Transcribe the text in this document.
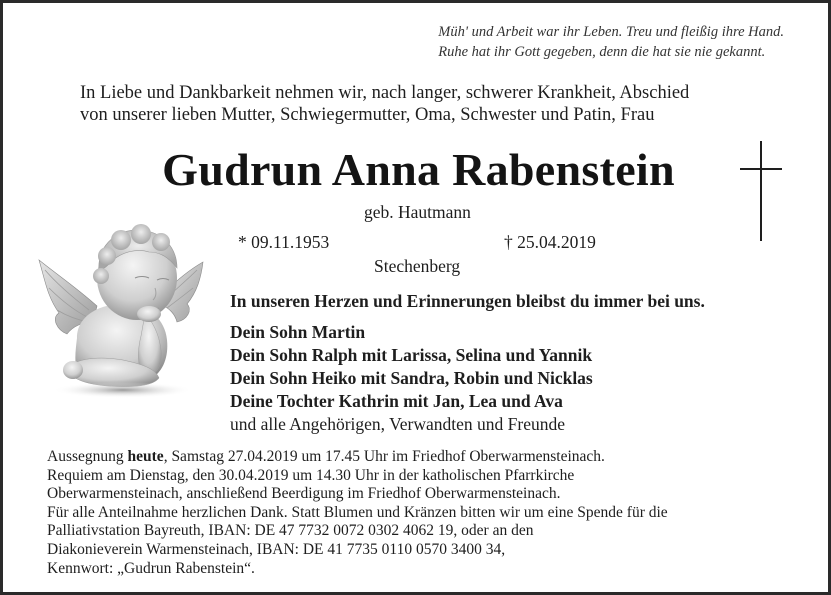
Müh' und Arbeit war ihr Leben. Treu und fleißig ihre Hand.
Ruhe hat ihr Gott gegeben, denn die hat sie nie gekannt.
In Liebe und Dankbarkeit nehmen wir, nach langer, schwerer Krankheit, Abschied
von unserer lieben Mutter, Schwiegermutter, Oma, Schwester und Patin, Frau
Gudrun Anna Rabenstein
geb. Hautmann
* 09.11.1953	† 25.04.2019
Stechenberg
In unseren Herzen und Erinnerungen bleibst du immer bei uns.
Dein Sohn Martin
Dein Sohn Ralph mit Larissa, Selina und Yannik
Dein Sohn Heiko mit Sandra, Robin und Nicklas
Deine Tochter Kathrin mit Jan, Lea und Ava
und alle Angehörigen, Verwandten und Freunde
Aussegnung heute, Samstag 27.04.2019 um 17.45 Uhr im Friedhof Oberwarmensteinach.
Requiem am Dienstag, den 30.04.2019 um 14.30 Uhr in der katholischen Pfarrkirche
Oberwarmensteinach, anschließend Beerdigung im Friedhof Oberwarmensteinach.
Für alle Anteilnahme herzlichen Dank. Statt Blumen und Kränzen bitten wir um eine Spende für die
Palliativstation Bayreuth, IBAN: DE 47 7732 0072 0302 4062 19, oder an den
Diakonieverein Warmensteinach, IBAN: DE 41 7735 0110 0570 3400 34,
Kennwort: „Gudrun Rabenstein“.
